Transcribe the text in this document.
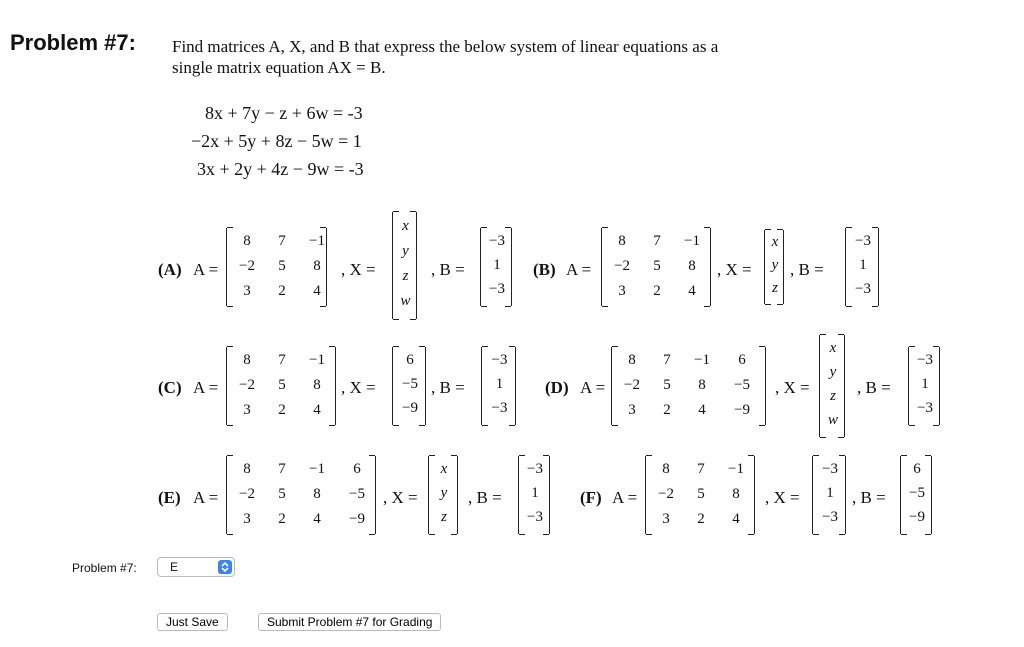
Problem #7: Find matrices A, X, and B that express the below system of linear equations as a
single matrix equation AX = B.
8x + 7y − z + 6w = -3
−2x + 5y + 8z − 5w = 1
3x + 2y + 4z − 9w = -3
(A) A =	, X =	, B =
8 7 −1
−2 5 8
3 2 4
x
y
z
w
−3
1
−3
(B) A =	, X = , B =
8 7 −1
−2 5 8
3 2 4
x
y
z
−3
1
−3
(C) A =	, X =	, B =
8 7 −1
−2 5 8
3 2 4
6
−5
−9
−3
1
−3
(D) A =	, X =	, B =
8 7 −1 6
−2 5 8 −5
3 2 4 −9
x
y
z
w
−3
1
−3
(E) A =	, X =	, B =
8 7 −1 6
−2 5 8 −5
3 2 4 −9
x
y
z
−3
1
−3
(F) A =	, X =	, B =
8 7 −1
−2 5 8
3 2 4
−3
1
−3
6
−5
−9
Problem #7:	E
Just Save	Submit Problem #7 for Grading
